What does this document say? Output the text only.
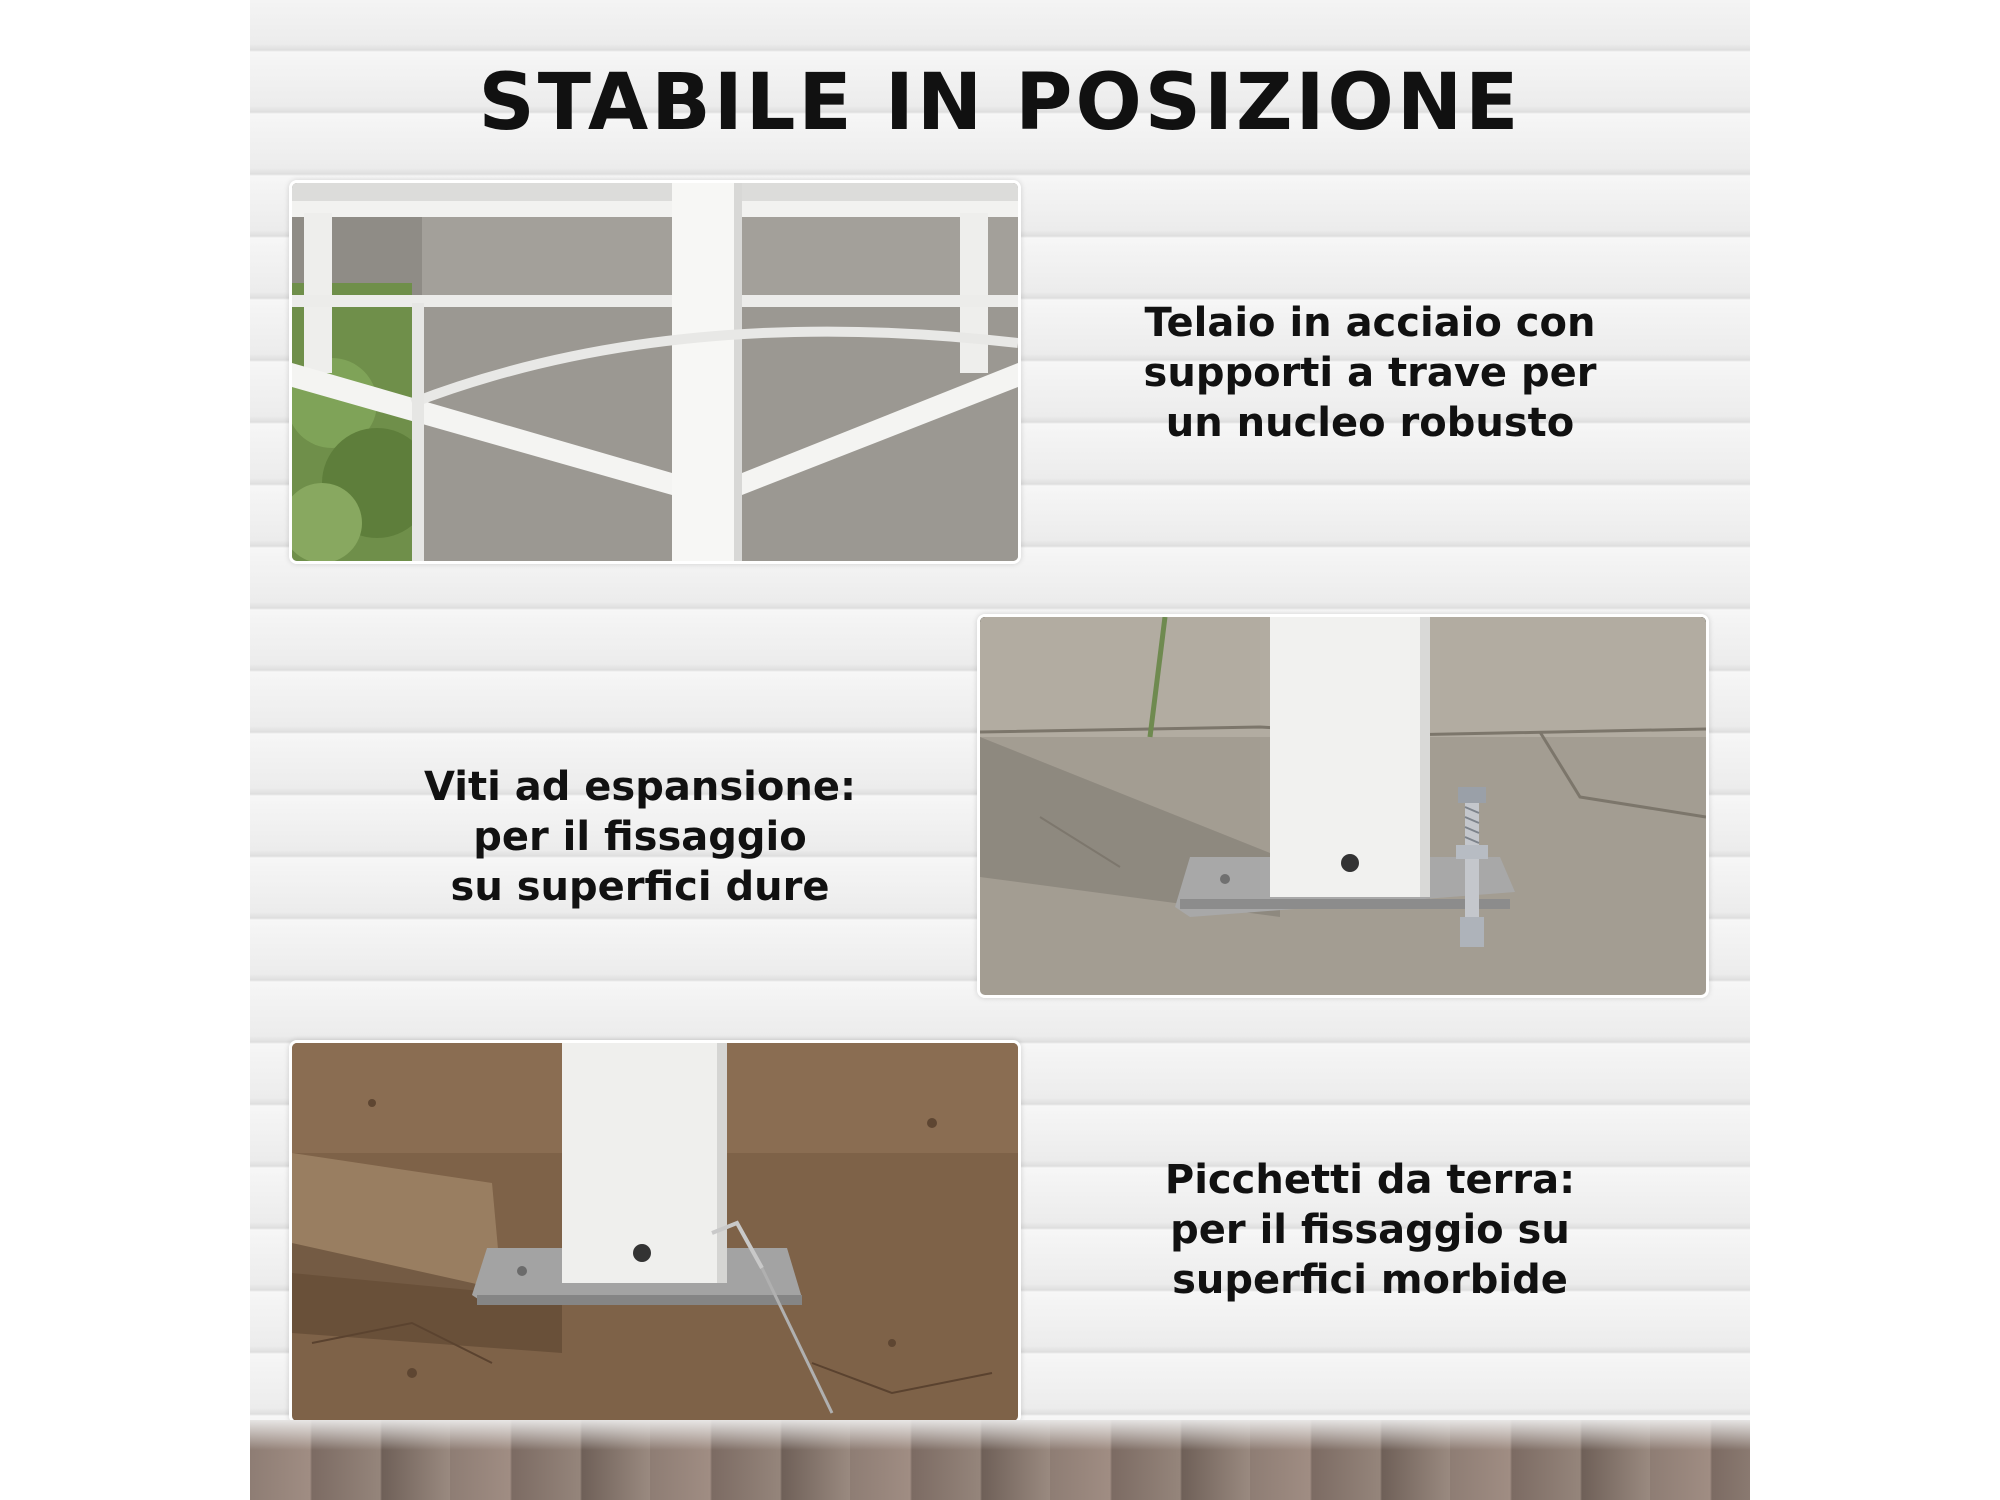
STABILE IN POSIZIONE
Telaio in acciaio con
supporti a trave per
un nucleo robusto
Viti ad espansione:
per il fissaggio
su superfici dure
Picchetti da terra:
per il fissaggio su
superfici morbide
